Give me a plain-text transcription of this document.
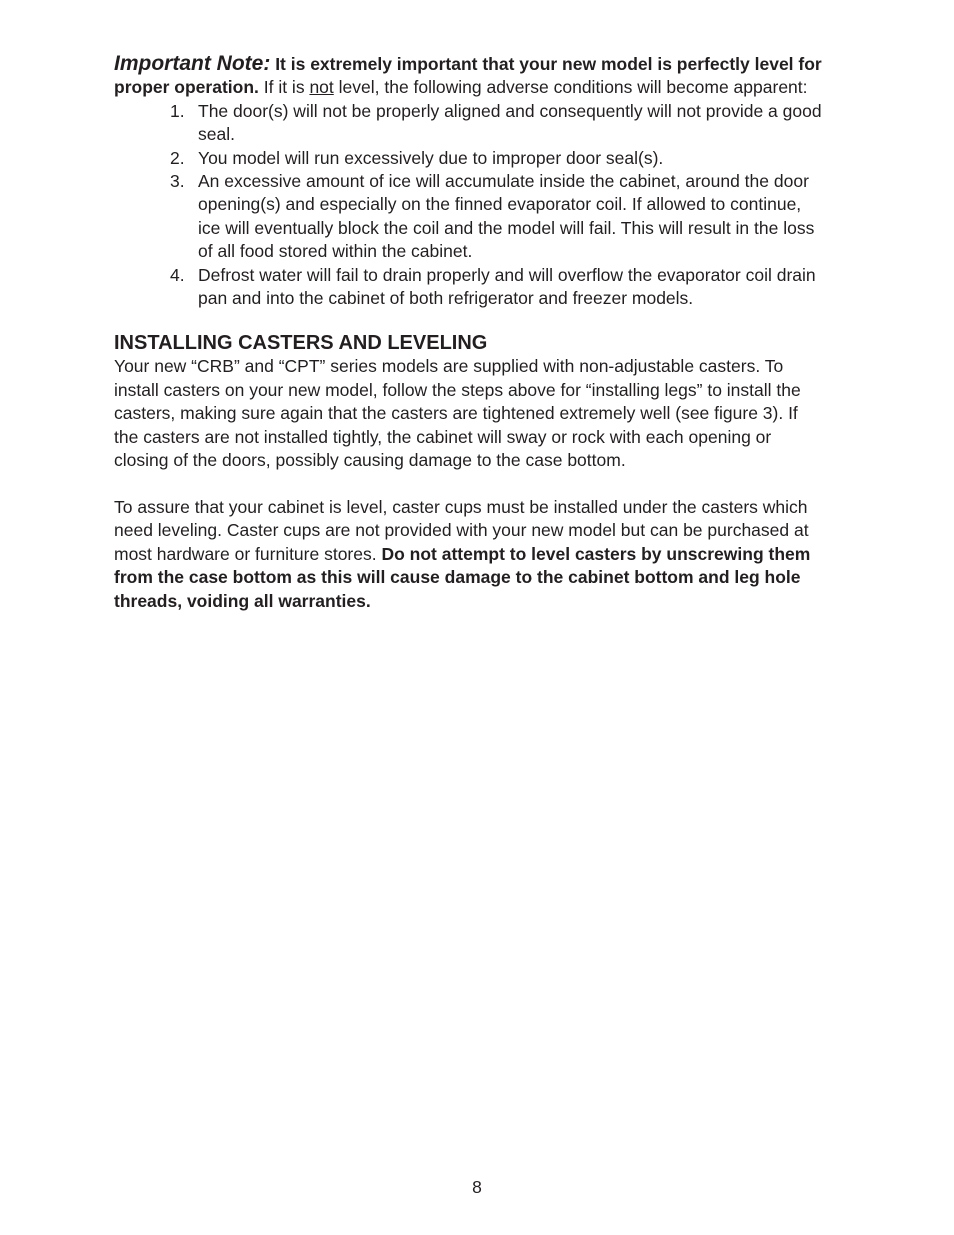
Important Note: It is extremely important that your new model is perfectly level for proper operation. If it is not level, the following adverse conditions will become apparent:

1. The door(s) will not be properly aligned and consequently will not provide a good seal.
2. You model will run excessively due to improper door seal(s).
3. An excessive amount of ice will accumulate inside the cabinet, around the door opening(s) and especially on the finned evaporator coil. If allowed to continue, ice will eventually block the coil and the model will fail. This will result in the loss of all food stored within the cabinet.
4. Defrost water will fail to drain properly and will overflow the evaporator coil drain pan and into the cabinet of both refrigerator and freezer models.
INSTALLING CASTERS AND LEVELING

Your new “CRB” and “CPT” series models are supplied with non-adjustable casters. To install casters on your new model, follow the steps above for “installing legs” to install the casters, making sure again that the casters are tightened extremely well (see figure 3). If the casters are not installed tightly, the cabinet will sway or rock with each opening or closing of the doors, possibly causing damage to the case bottom.

To assure that your cabinet is level, caster cups must be installed under the casters which need leveling. Caster cups are not provided with your new model but can be purchased at most hardware or furniture stores. Do not attempt to level casters by unscrewing them from the case bottom as this will cause damage to the cabinet bottom and leg hole threads, voiding all warranties.

8
